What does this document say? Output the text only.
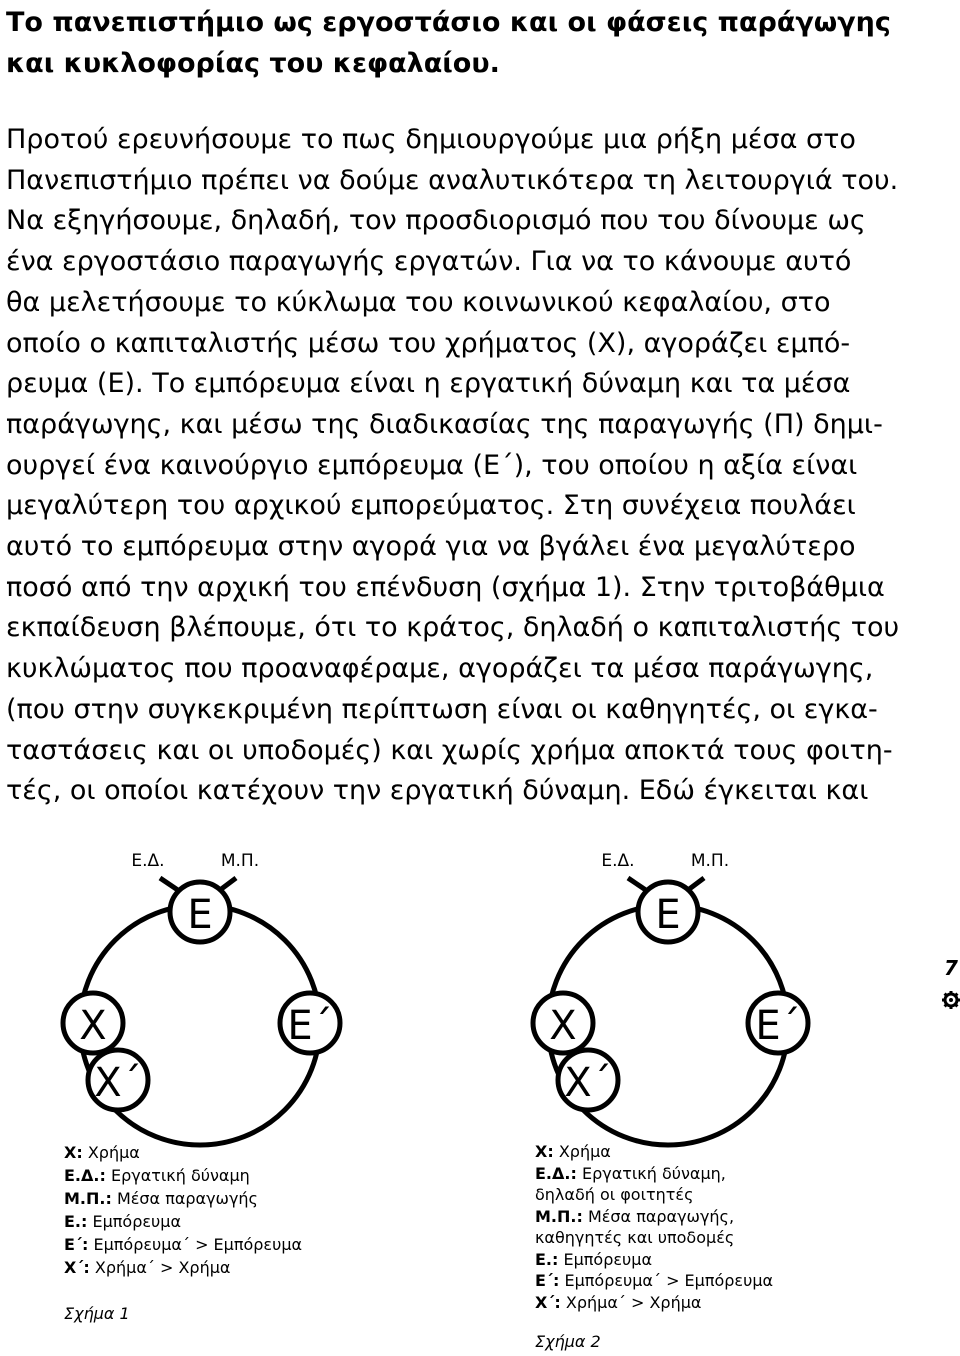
Το πανεπιστήμιο ως εργοστάσιο και οι φάσεις παράγωγης
και κυκλοφορίας του κεφαλαίου.
Προτού ερευνήσουμε το πως δημιουργούμε μια ρήξη μέσα στο
Πανεπιστήμιο πρέπει να δούμε αναλυτικότερα τη λειτουργιά του.
Να εξηγήσουμε, δηλαδή, τον προσδιορισμό που του δίνουμε ως
ένα εργοστάσιο παραγωγής εργατών. Για να το κάνουμε αυτό
θα μελετήσουμε το κύκλωμα του κοινωνικού κεφαλαίου, στο
οποίο ο καπιταλιστής μέσω του χρήματος (Χ), αγοράζει εμπό-
ρευμα (Ε). Το εμπόρευμα είναι η εργατική δύναμη και τα μέσα
παράγωγης, και μέσω της διαδικασίας της παραγωγής (Π) δημι-
ουργεί ένα καινούργιο εμπόρευμα (Ε΄), του οποίου η αξία είναι
μεγαλύτερη του αρχικού εμπορεύματος. Στη συνέχεια πουλάει
αυτό το εμπόρευμα στην αγορά για να βγάλει ένα μεγαλύτερο
ποσό από την αρχική του επένδυση (σχήμα 1). Στην τριτοβάθμια
εκπαίδευση βλέπουμε, ότι το κράτος, δηλαδή ο καπιταλιστής του
κυκλώματος που προαναφέραμε, αγοράζει τα μέσα παράγωγης,
(που στην συγκεκριμένη περίπτωση είναι οι καθηγητές, οι εγκα-
ταστάσεις και οι υποδομές) και χωρίς χρήμα αποκτά τους φοιτη-
τές, οι οποίοι κατέχουν την εργατική δύναμη. Εδώ έγκειται και
Ε.Δ.	Μ.Π.
Ε
Χ
Χ΄
Ε΄
Ε.Δ.	Μ.Π.
Ε
Χ
Χ΄
Ε΄
7
Χ: Χρήμα
Ε.Δ.: Εργατική δύναμη
Μ.Π.: Μέσα παραγωγής
Ε.: Εμπόρευμα
Ε΄: Εμπόρευμα΄ > Εμπόρευμα
Χ΄: Χρήμα΄ > Χρήμα
Σχήμα 1
Χ: Χρήμα
Ε.Δ.: Εργατική δύναμη,
δηλαδή οι φοιτητές
Μ.Π.: Μέσα παραγωγής,
καθηγητές και υποδομές
Ε.: Εμπόρευμα
Ε΄: Εμπόρευμα΄ > Εμπόρευμα
Χ΄: Χρήμα΄ > Χρήμα
Σχήμα 2
